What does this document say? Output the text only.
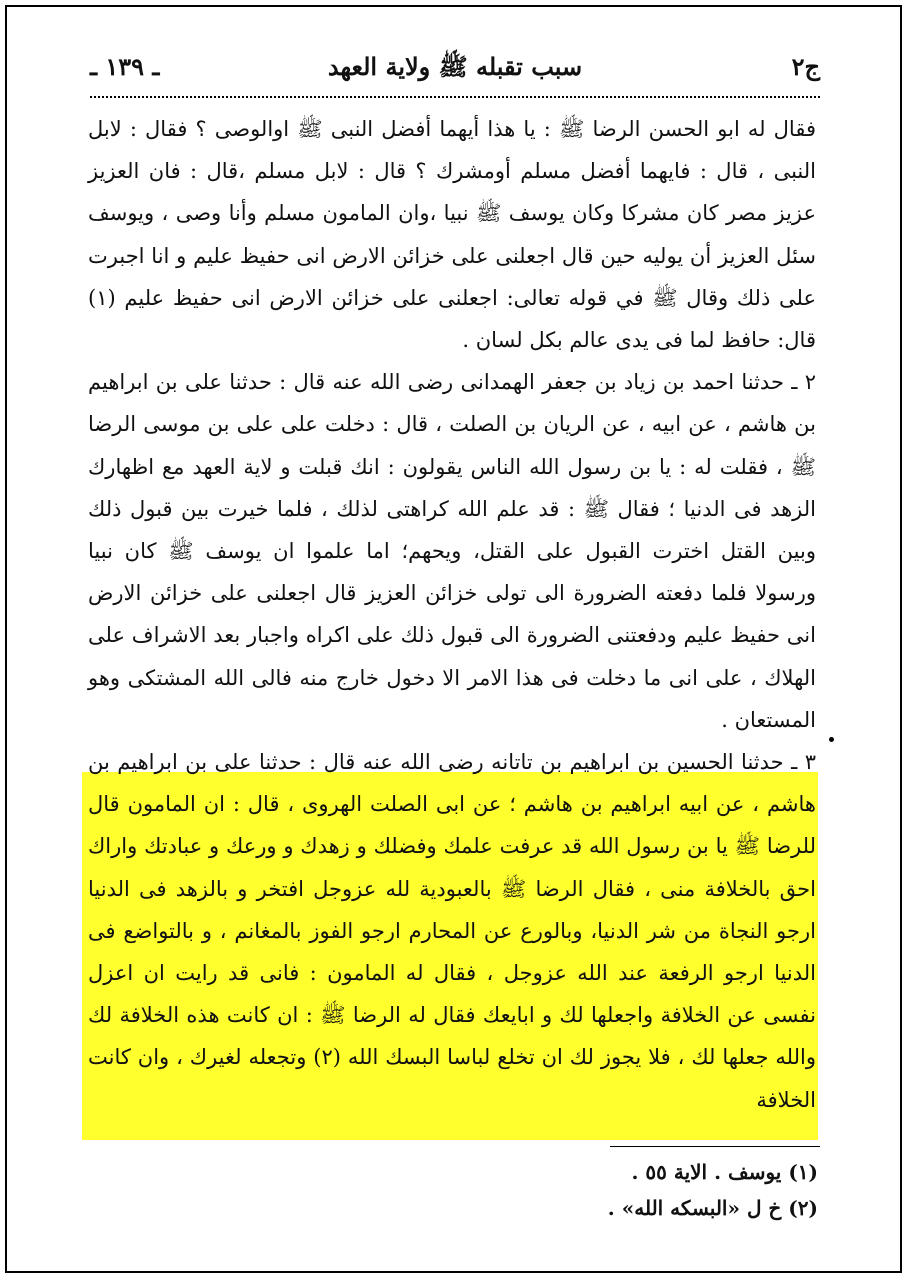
ج٢
سبب تقبله ﷺ ولاية العهد
ـ ١٣٩ ـ

فقال له ابو الحسن الرضا ﷺ : يا هذا أيهما أفضل النبى ﷺ اوالوصى ؟ فقال : لابل النبى ، قال : فايهما أفضل مسلم أومشرك ؟ قال : لابل مسلم ،قال : فان العزيز عزيز مصر كان مشركا وكان يوسف ﷺ نبيا ،وان المامون مسلم وأنا وصى ، ويوسف سئل العزيز أن يوليه حين قال اجعلنى على خزائن الارض انى حفيظ عليم و انا اجبرت على ذلك وقال ﷺ في قوله تعالى: اجعلنى على خزائن الارض انى حفيظ عليم (١) قال: حافظ لما فى يدى عالم بكل لسان .

٢ ـ حدثنا احمد بن زياد بن جعفر الهمدانى رضى الله عنه قال : حدثنا على بن ابراهيم بن هاشم ، عن ابيه ، عن الريان بن الصلت ، قال : دخلت على على بن موسى الرضا ﷺ ، فقلت له : يا بن رسول الله الناس يقولون : انك قبلت و لاية العهد مع اظهارك الزهد فى الدنيا ؛ فقال ﷺ : قد علم الله كراهتى لذلك ، فلما خيرت بين قبول ذلك وبين القتل اخترت القبول على القتل، ويحهم؛ اما علموا ان يوسف ﷺ كان نبيا ورسولا فلما دفعته الضرورة الى تولى خزائن العزيز قال اجعلنى على خزائن الارض انى حفيظ عليم ودفعتنى الضرورة الى قبول ذلك على اكراه واجبار بعد الاشراف على الهلاك ، على انى ما دخلت فى هذا الامر الا دخول خارج منه فالى الله المشتكى وهو المستعان .

٣ ـ حدثنا الحسين بن ابراهيم بن تاتانه رضى الله عنه قال : حدثنا على بن ابراهيم بن هاشم ، عن ابيه ابراهيم بن هاشم ؛ عن ابى الصلت الهروى ، قال : ان المامون قال للرضا ﷺ يا بن رسول الله قد عرفت علمك وفضلك و زهدك و ورعك و عبادتك واراك احق بالخلافة منى ، فقال الرضا ﷺ بالعبودية لله عزوجل افتخر و بالزهد فى الدنيا ارجو النجاة من شر الدنيا، وبالورع عن المحارم ارجو الفوز بالمغانم ، و بالتواضع فى الدنيا ارجو الرفعة عند الله عزوجل ، فقال له المامون : فانى قد رايت ان اعزل نفسى عن الخلافة واجعلها لك و ابايعك فقال له الرضا ﷺ : ان كانت هذه الخلافة لك والله جعلها لك ، فلا يجوز لك ان تخلع لباسا البسك الله (٢) وتجعله لغيرك ، وان كانت الخلافة

(١) يوسف . الاية ٥٥ .
(٢) خ ل «البسكه الله» .
